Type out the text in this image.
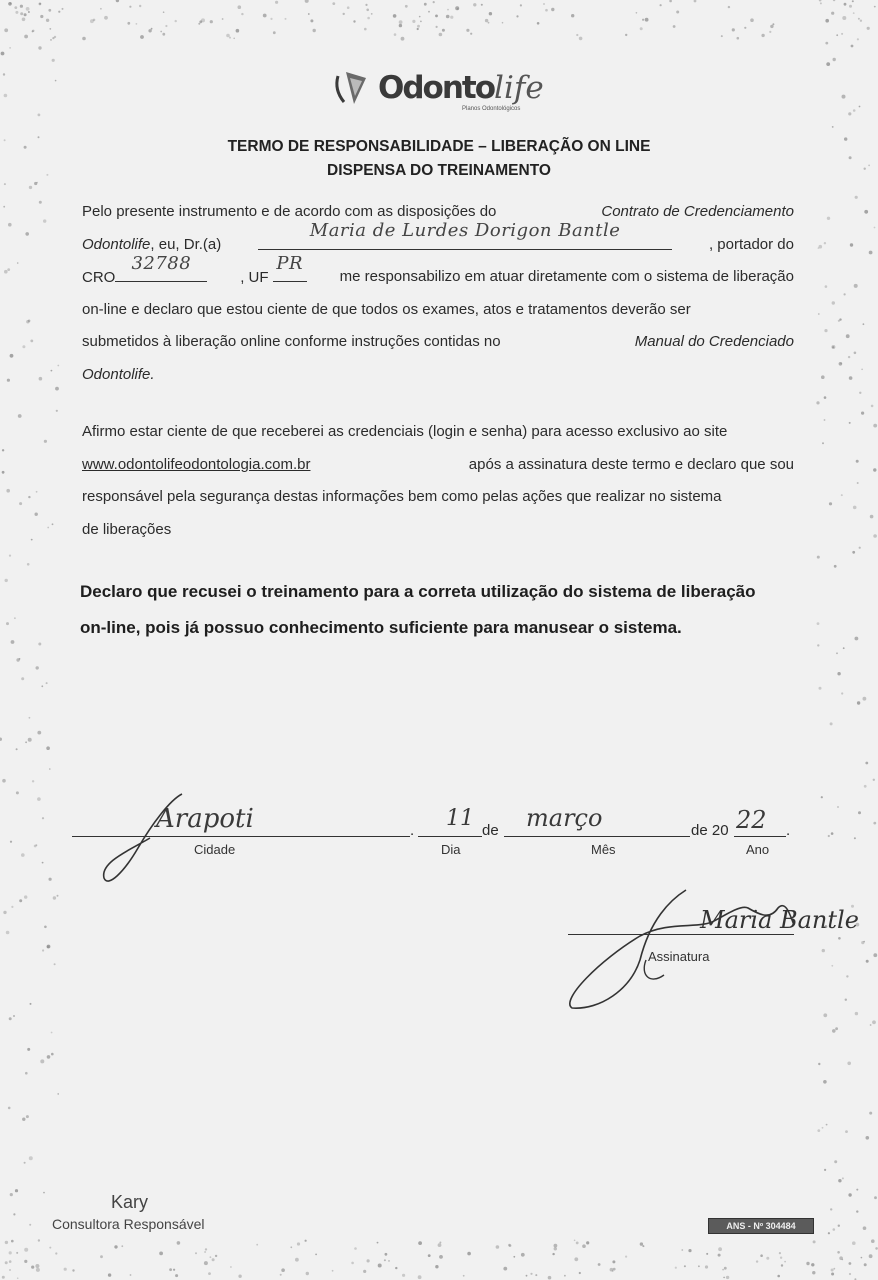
Odontolife
Planos Odontológicos
TERMO DE RESPONSABILIDADE – LIBERAÇÃO ON LINE
DISPENSA DO TREINAMENTO
Pelo presente instrumento e de acordo com as disposições do	Contrato de Credenciamento
Odontolife, eu, Dr.(a)
Maria de Lurdes Dorigon Bantle
, portador do
CRO
32788
, UF
PR
me responsabilizo em atuar diretamente com o sistema de liberação
on-line e declaro que estou ciente de que todos os exames, atos e tratamentos deverão ser
submetidos à liberação online conforme instruções contidas no	Manual do Credenciado
Odontolife.
Afirmo estar ciente de que receberei as credenciais (login e senha) para acesso exclusivo ao site
www.odontolifeodontologia.com.br	após a assinatura deste termo e declaro que sou
responsável pela segurança destas informações bem como pelas ações que realizar no sistema
de liberações
Declaro que recusei o treinamento para a correta utilização do sistema de liberação
on-line, pois já possuo conhecimento suficiente para manusear o sistema.
Arapoti
Cidade
. 11
Dia
de março
Mês
de 20 22 .
Ano
Assinatura
Maria Bantle
Kary
Consultora Responsável	ANS - Nº 304484
